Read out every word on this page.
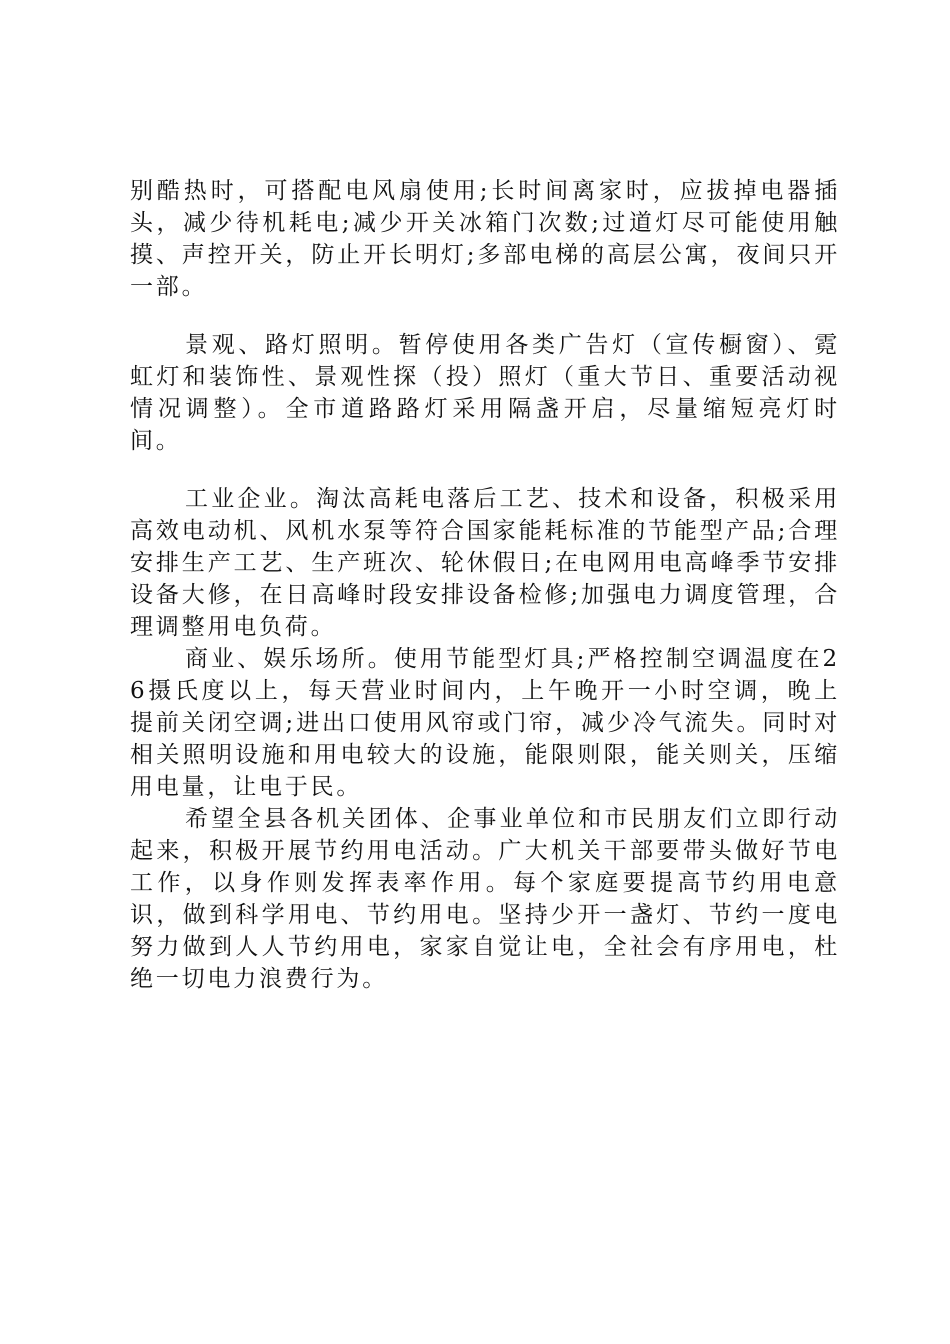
别酷热时，可搭配电风扇使用;长时间离家时，应拔掉电器插头，减少待机耗电;减少开关冰箱门次数;过道灯尽可能使用触摸、声控开关，防止开长明灯;多部电梯的高层公寓，夜间只开一部。

景观、路灯照明。暂停使用各类广告灯（宣传橱窗）、霓虹灯和装饰性、景观性探（投）照灯（重大节日、重要活动视情况调整）。全市道路路灯采用隔盏开启，尽量缩短亮灯时间。

工业企业。淘汰高耗电落后工艺、技术和设备，积极采用高效电动机、风机水泵等符合国家能耗标准的节能型产品;合理安排生产工艺、生产班次、轮休假日;在电网用电高峰季节安排设备大修，在日高峰时段安排设备检修;加强电力调度管理，合理调整用电负荷。

商业、娱乐场所。使用节能型灯具;严格控制空调温度在26摄氏度以上，每天营业时间内，上午晚开一小时空调，晚上提前关闭空调;进出口使用风帘或门帘，减少冷气流失。同时对相关照明设施和用电较大的设施，能限则限，能关则关，压缩用电量，让电于民。

希望全县各机关团体、企事业单位和市民朋友们立即行动起来，积极开展节约用电活动。广大机关干部要带头做好节电工作，以身作则发挥表率作用。每个家庭要提高节约用电意识，做到科学用电、节约用电。坚持少开一盏灯、节约一度电努力做到人人节约用电，家家自觉让电，全社会有序用电，杜绝一切电力浪费行为。
